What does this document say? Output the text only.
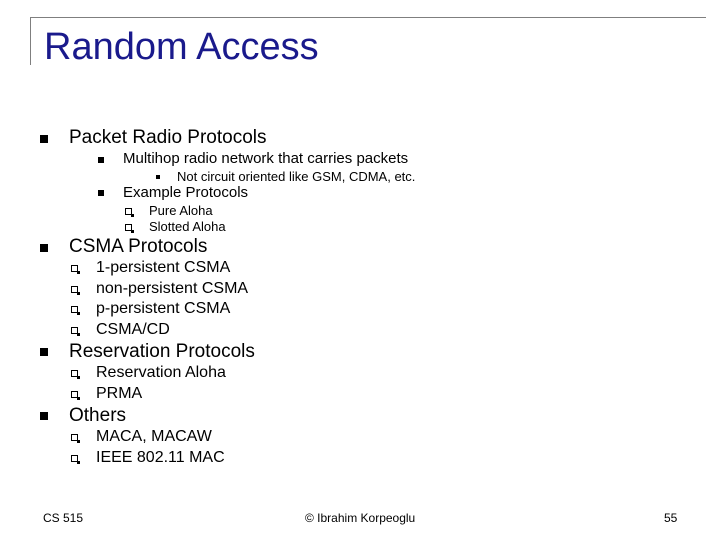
Random Access
Packet Radio Protocols
Multihop radio network that carries packets
Not circuit oriented like GSM, CDMA, etc.
Example Protocols
Pure Aloha
Slotted Aloha
CSMA Protocols
1-persistent CSMA
non-persistent CSMA
p-persistent CSMA
CSMA/CD
Reservation Protocols
Reservation Aloha
PRMA
Others
MACA, MACAW
IEEE 802.11 MAC
CS 515	© Ibrahim Korpeoglu	55
